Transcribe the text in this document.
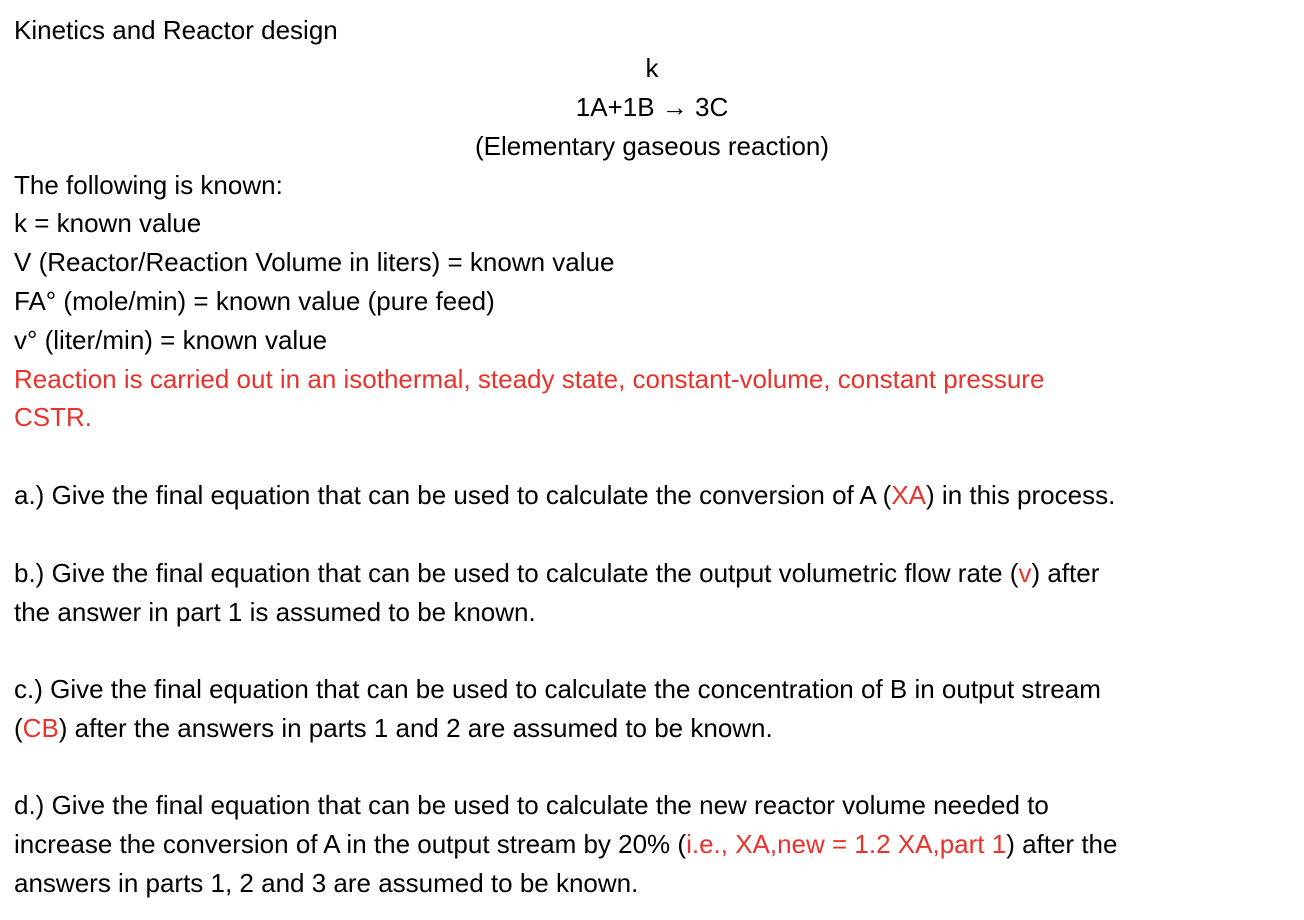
Kinetics and Reactor design
k
1A+1B → 3C
(Elementary gaseous reaction)
The following is known:
k = known value
V (Reactor/Reaction Volume in liters) = known value
FA° (mole/min) = known value (pure feed)
v° (liter/min) = known value
Reaction is carried out in an isothermal, steady state, constant-volume, constant pressure
CSTR.
a.) Give the final equation that can be used to calculate the conversion of A (XA) in this process.
b.) Give the final equation that can be used to calculate the output volumetric flow rate (v) after
the answer in part 1 is assumed to be known.
c.) Give the final equation that can be used to calculate the concentration of B in output stream
(CB) after the answers in parts 1 and 2 are assumed to be known.
d.) Give the final equation that can be used to calculate the new reactor volume needed to
increase the conversion of A in the output stream by 20% (i.e., XA,new = 1.2 XA,part 1) after the
answers in parts 1, 2 and 3 are assumed to be known.
